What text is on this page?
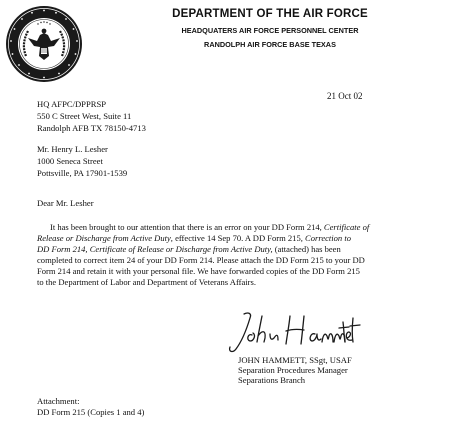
DEPARTMENT OF THE AIR FORCE
HEADQUATERS AIR FORCE PERSONNEL CENTER
RANDOLPH AIR FORCE BASE TEXAS
21 Oct 02
HQ AFPC/DPPRSP
550 C Street West, Suite 11
Randolph AFB TX 78150-4713
Mr. Henry L. Lesher
1000 Seneca Street
Pottsville, PA 17901-1539
Dear Mr. Lesher
It has been brought to our attention that there is an error on your DD Form 214, Certificate of
Release or Discharge from Active Duty, effective 14 Sep 70. A DD Form 215, Correction to
DD Form 214, Certificate of Release or Discharge from Active Duty, (attached) has been
completed to correct item 24 of your DD Form 214. Please attach the DD Form 215 to your DD
Form 214 and retain it with your personal file. We have forwarded copies of the DD Form 215
to the Department of Labor and Department of Veterans Affairs.
JOHN HAMMETT, SSgt, USAF
Separation Procedures Manager
Separations Branch
Attachment:
DD Form 215 (Copies 1 and 4)
